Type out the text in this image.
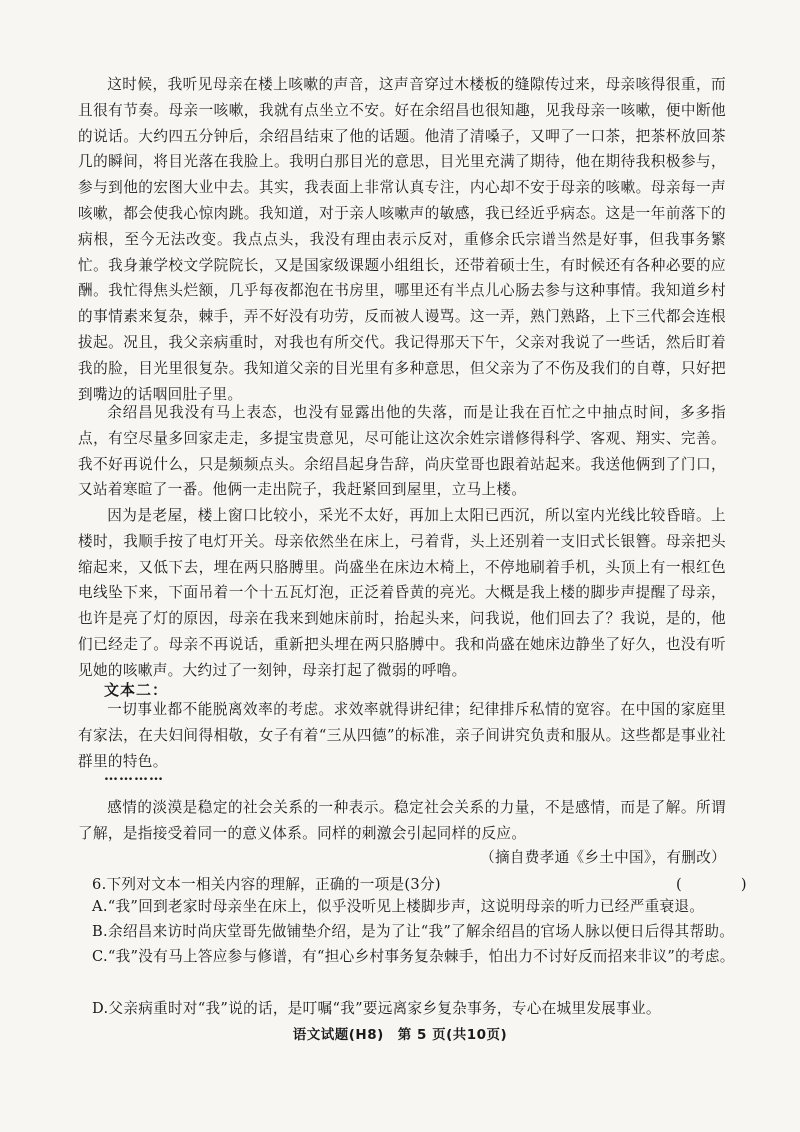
这时候，我听见母亲在楼上咳嗽的声音，这声音穿过木楼板的缝隙传过来，母亲咳得很重，而且很有节奏。母亲一咳嗽，我就有点坐立不安。好在余绍昌也很知趣，见我母亲一咳嗽，便中断他的说话。大约四五分钟后，余绍昌结束了他的话题。他清了清嗓子，又呷了一口茶，把茶杯放回茶几的瞬间，将目光落在我脸上。我明白那目光的意思，目光里充满了期待，他在期待我积极参与，参与到他的宏图大业中去。其实，我表面上非常认真专注，内心却不安于母亲的咳嗽。母亲每一声咳嗽，都会使我心惊肉跳。我知道，对于亲人咳嗽声的敏感，我已经近乎病态。这是一年前落下的病根，至今无法改变。我点点头，我没有理由表示反对，重修余氏宗谱当然是好事，但我事务繁忙。我身兼学校文学院院长，又是国家级课题小组组长，还带着硕士生，有时候还有各种必要的应酬。我忙得焦头烂额，几乎每夜都泡在书房里，哪里还有半点儿心肠去参与这种事情。我知道乡村的事情素来复杂，棘手，弄不好没有功劳，反而被人谩骂。这一弄，熟门熟路，上下三代都会连根拔起。况且，我父亲病重时，对我也有所交代。我记得那天下午，父亲对我说了一些话，然后盯着我的脸，目光里很复杂。我知道父亲的目光里有多种意思，但父亲为了不伤及我们的自尊，只好把到嘴边的话咽回肚子里。

余绍昌见我没有马上表态，也没有显露出他的失落，而是让我在百忙之中抽点时间，多多指点，有空尽量多回家走走，多提宝贵意见，尽可能让这次余姓宗谱修得科学、客观、翔实、完善。我不好再说什么，只是频频点头。余绍昌起身告辞，尚庆堂哥也跟着站起来。我送他俩到了门口，又站着寒暄了一番。他俩一走出院子，我赶紧回到屋里，立马上楼。

因为是老屋，楼上窗口比较小，采光不太好，再加上太阳已西沉，所以室内光线比较昏暗。上楼时，我顺手按了电灯开关。母亲依然坐在床上，弓着背，头上还别着一支旧式长银簪。母亲把头缩起来，又低下去，埋在两只胳膊里。尚盛坐在床边木椅上，不停地刷着手机，头顶上有一根红色电线坠下来，下面吊着一个十五瓦灯泡，正泛着昏黄的亮光。大概是我上楼的脚步声提醒了母亲，也许是亮了灯的原因，母亲在我来到她床前时，抬起头来，问我说，他们回去了？我说，是的，他们已经走了。母亲不再说话，重新把头埋在两只胳膊中。我和尚盛在她床边静坐了好久，也没有听见她的咳嗽声。大约过了一刻钟，母亲打起了微弱的呼噜。

文本二：

一切事业都不能脱离效率的考虑。求效率就得讲纪律；纪律排斥私情的宽容。在中国的家庭里有家法，在夫妇间得相敬，女子有着“三从四德”的标准，亲子间讲究负责和服从。这些都是事业社群里的特色。

…………

感情的淡漠是稳定的社会关系的一种表示。稳定社会关系的力量，不是感情，而是了解。所谓了解，是指接受着同一的意义体系。同样的刺激会引起同样的反应。

（摘自费孝通《乡土中国》，有删改）
6.下列对文本一相关内容的理解，正确的一项是(3分)	(　　)

A.“我”回到老家时母亲坐在床上，似乎没听见上楼脚步声，这说明母亲的听力已经严重衰退。

B.余绍昌来访时尚庆堂哥先做铺垫介绍，是为了让“我”了解余绍昌的官场人脉以便日后得其帮助。

C.“我”没有马上答应参与修谱，有“担心乡村事务复杂棘手，怕出力不讨好反而招来非议”的考虑。

D.父亲病重时对“我”说的话，是叮嘱“我”要远离家乡复杂事务，专心在城里发展事业。

语文试题(H8)　第 5 页(共10页)
